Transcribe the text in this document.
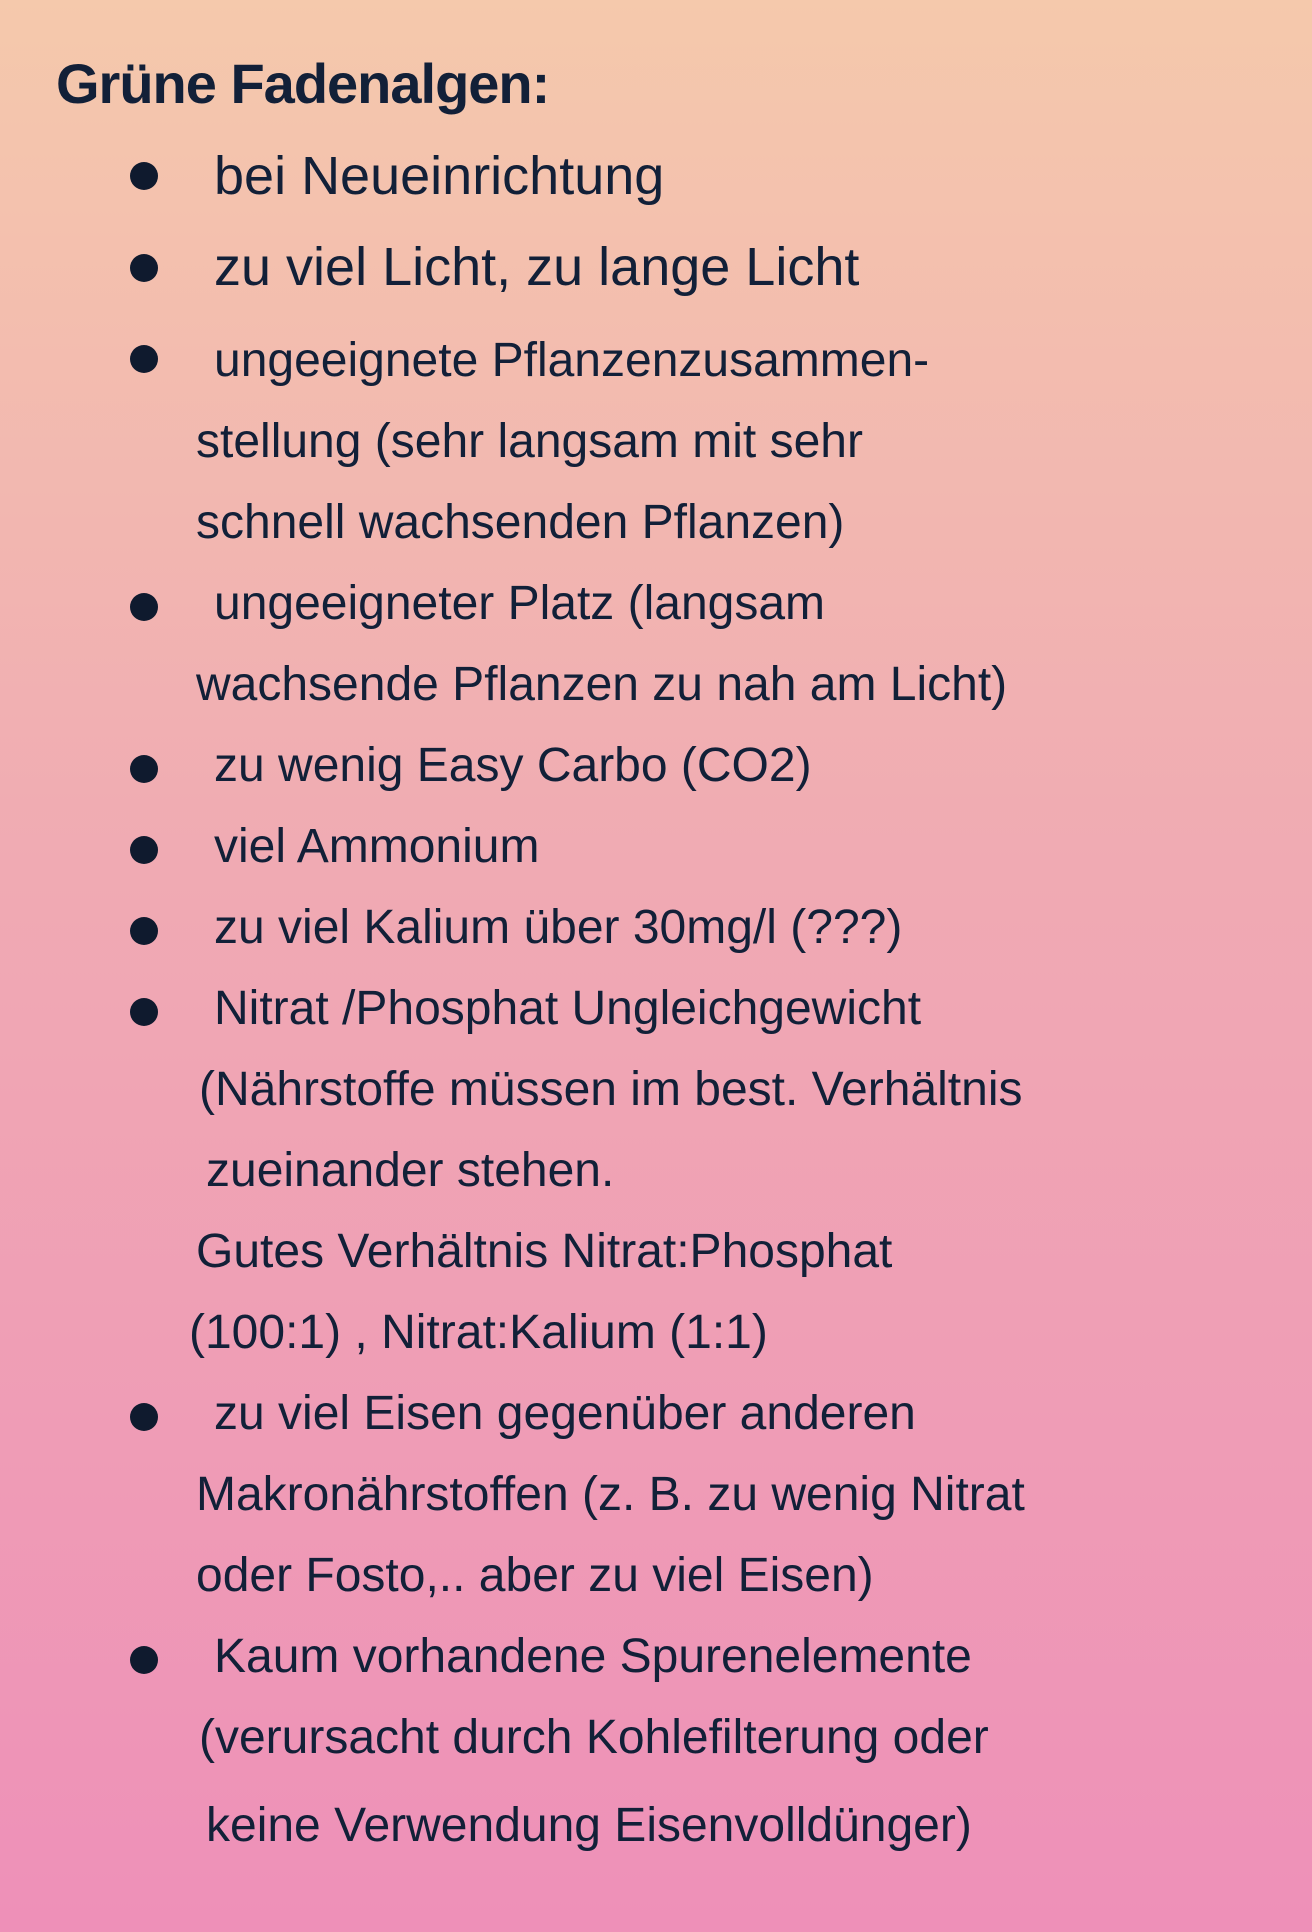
Grüne Fadenalgen:
bei Neueinrichtung
zu viel Licht, zu lange Licht
ungeeignete Pflanzenzusammen-
stellung (sehr langsam mit sehr
schnell wachsenden Pflanzen)
ungeeigneter Platz (langsam
wachsende Pflanzen zu nah am Licht)
zu wenig Easy Carbo (CO2)
viel Ammonium
zu viel Kalium über 30mg/l (???)
Nitrat /Phosphat Ungleichgewicht
(Nährstoffe müssen im best. Verhältnis
zueinander stehen.
Gutes Verhältnis Nitrat:Phosphat
(100:1) , Nitrat:Kalium (1:1)
zu viel Eisen gegenüber anderen
Makronährstoffen (z. B. zu wenig Nitrat
oder Fosto,.. aber zu viel Eisen)
Kaum vorhandene Spurenelemente
(verursacht durch Kohlefilterung oder
keine Verwendung Eisenvolldünger)
